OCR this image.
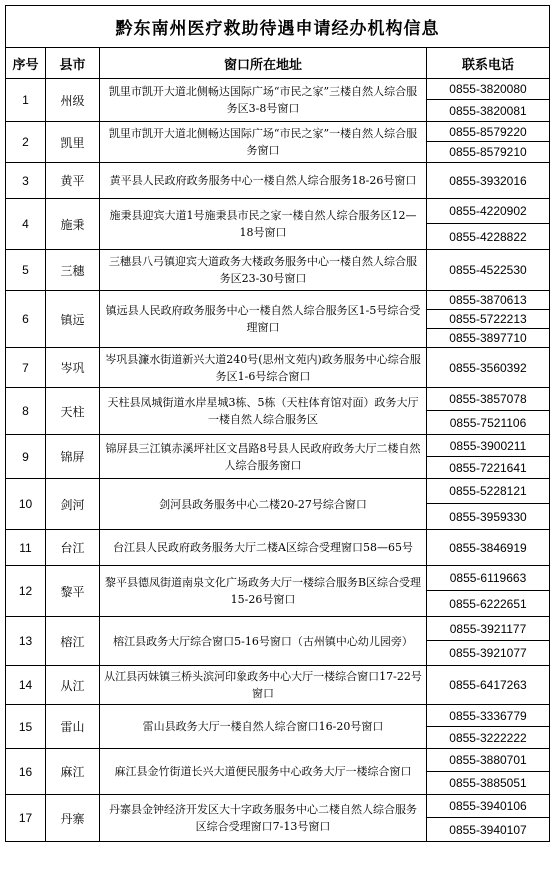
黔东南州医疗救助待遇申请经办机构信息			
序号	县市	窗口所在地址	联系电话
1	州级	凯里市凯开大道北侧畅达国际广场“市民之家”三楼自然人综合服务区3-8号窗口	0855-3820080
			0855-3820081
2	凯里	凯里市凯开大道北侧畅达国际广场“市民之家”一楼自然人综合服务窗口	0855-8579220
			0855-8579210
3	黄平	黄平县人民政府政务服务中心一楼自然人综合服务18-26号窗口	0855-3932016
4	施秉	施秉县迎宾大道1号施秉县市民之家一楼自然人综合服务区12—18号窗口	0855-4220902
			0855-4228822
5	三穗	三穗县八弓镇迎宾大道政务大楼政务服务中心一楼自然人综合服务区23-30号窗口	0855-4522530
6	镇远	镇远县人民政府政务服务中心一楼自然人综合服务区1-5号综合受理窗口	0855-3870613
			0855-5722213
			0855-3897710
7	岑巩	岑巩县濂水街道新兴大道240号(思州文苑内)政务服务中心综合服务区1-6号综合窗口	0855-3560392
8	天柱	天柱县凤城街道水岸星城3栋、5栋（天柱体育馆对面）政务大厅一楼自然人综合服务区	0855-3857078
			0855-7521106
9	锦屏	锦屏县三江镇赤溪坪社区文昌路8号县人民政府政务大厅二楼自然人综合服务窗口	0855-3900211
			0855-7221641
10	剑河	剑河县政务服务中心二楼20-27号综合窗口	0855-5228121
			0855-3959330
11	台江	台江县人民政府政务服务大厅二楼A区综合受理窗口58—65号	0855-3846919
12	黎平	黎平县德凤街道南泉文化广场政务大厅一楼综合服务B区综合受理15-26号窗口	0855-6119663
			0855-6222651
13	榕江	榕江县政务大厅综合窗口5-16号窗口（古州镇中心幼儿园旁）	0855-3921177
			0855-3921077
14	从江	从江县丙妹镇三桥头滨河印象政务中心大厅一楼综合窗口17-22号窗口	0855-6417263
15	雷山	雷山县政务大厅一楼自然人综合窗口16-20号窗口	0855-3336779
			0855-3222222
16	麻江	麻江县金竹街道长兴大道便民服务中心政务大厅一楼综合窗口	0855-3880701
			0855-3885051
17	丹寨	丹寨县金钟经济开发区大十字政务服务中心二楼自然人综合服务区综合受理窗口7-13号窗口	0855-3940106
			0855-3940107
